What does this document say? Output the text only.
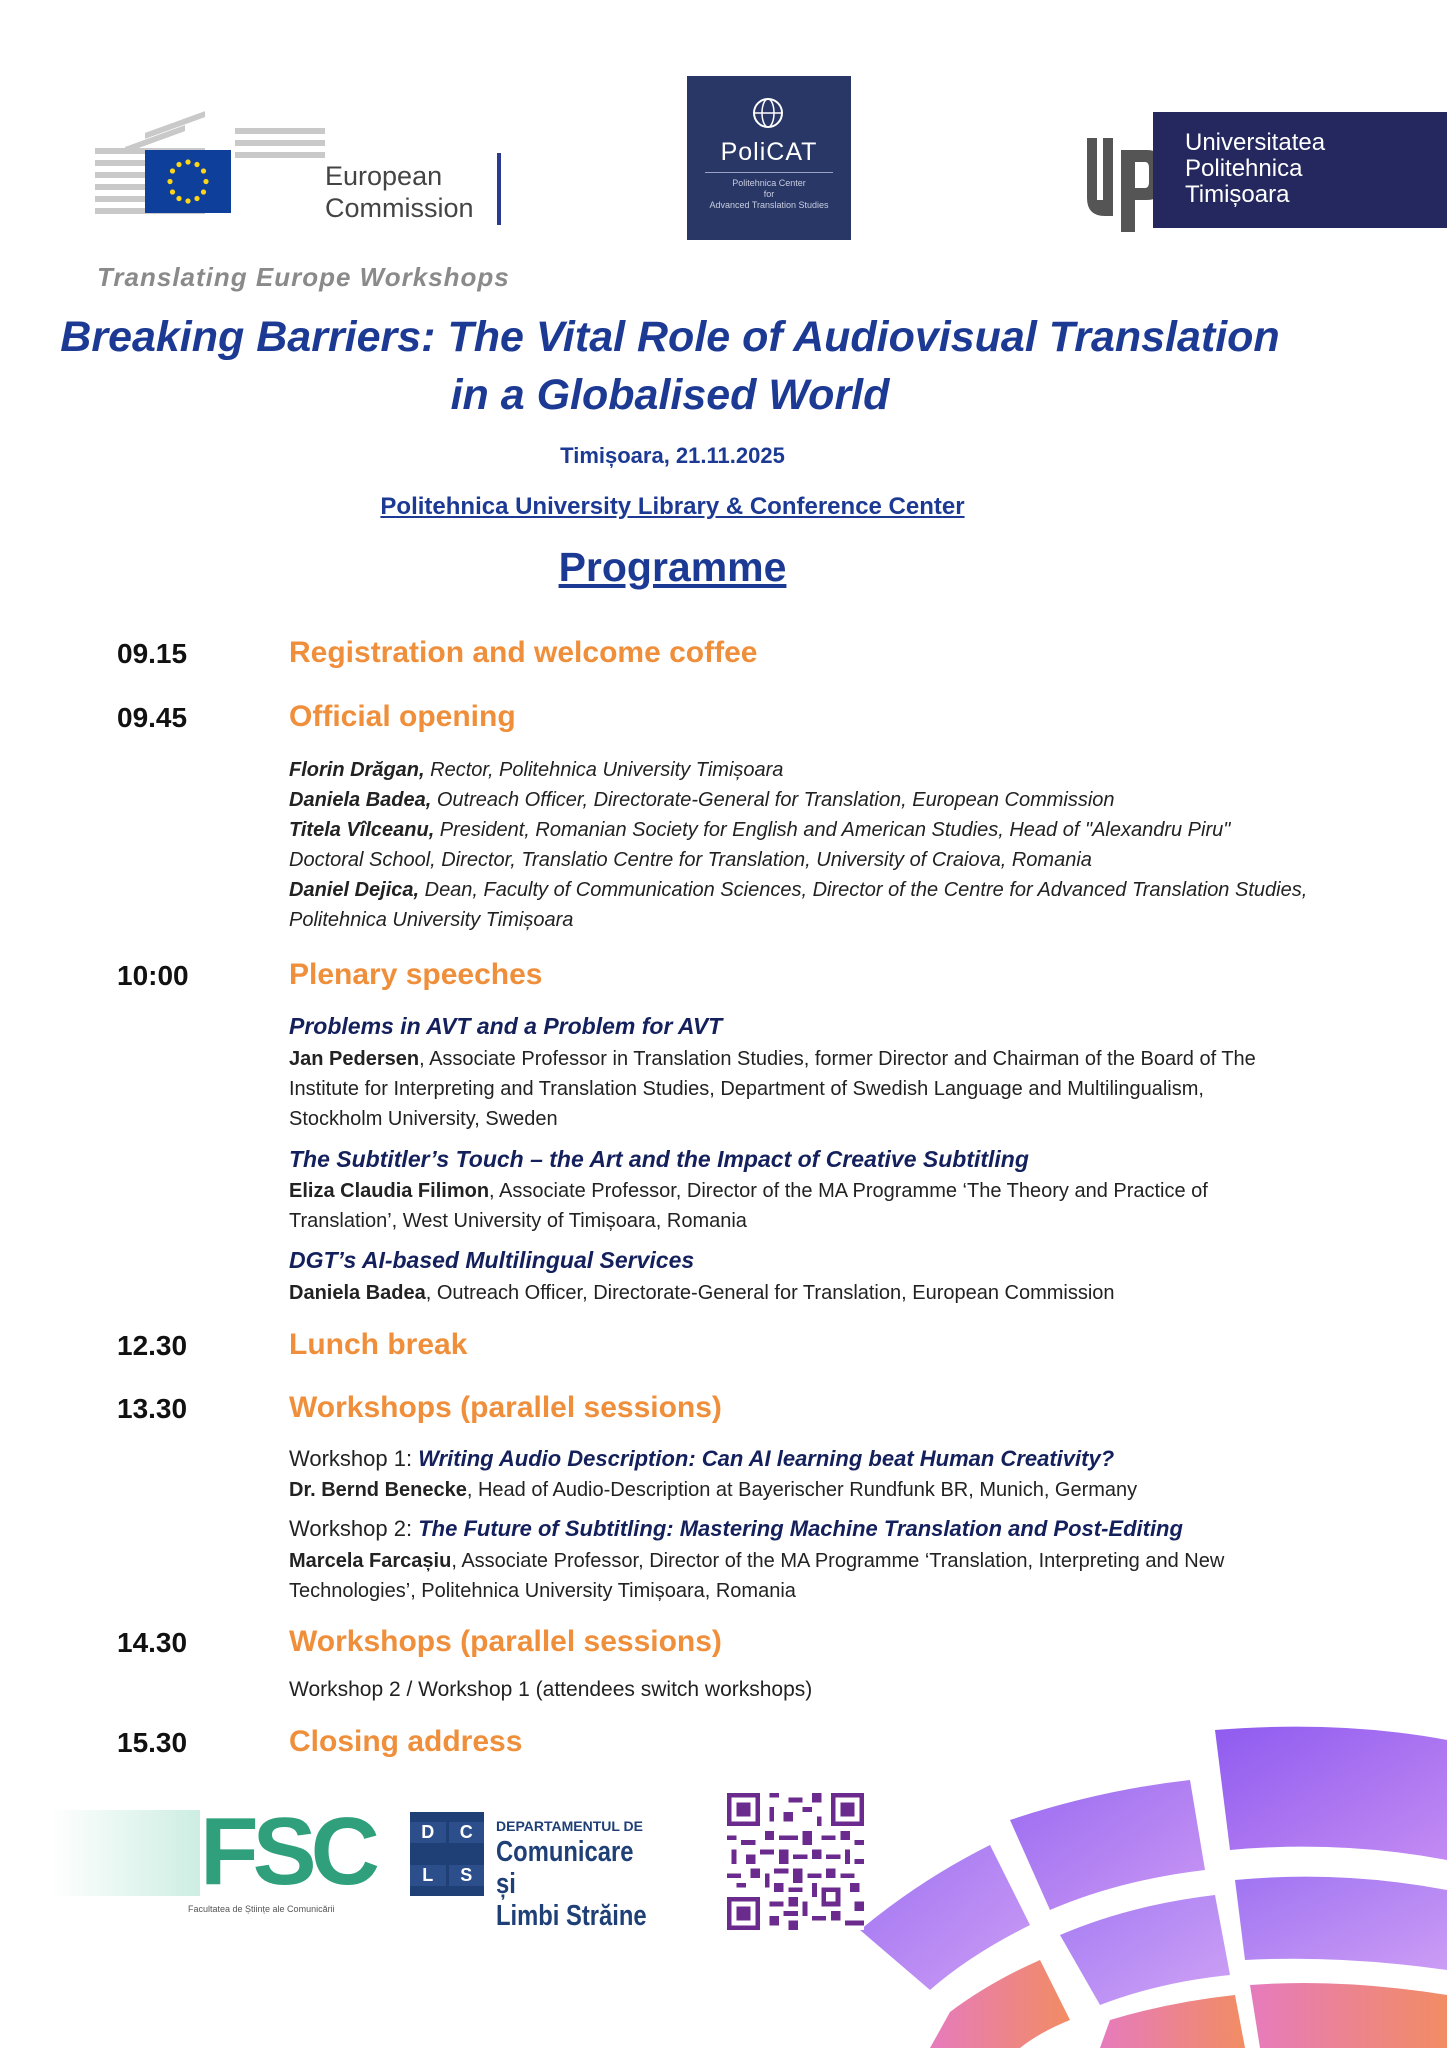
European
Commission
PoliCAT
Politehnica Center
for
Advanced Translation Studies
Universitatea
Politehnica
Timișoara
Translating Europe Workshops
Breaking Barriers: The Vital Role of Audiovisual Translation
in a Globalised World
Timișoara, 21.11.2025
Politehnica University Library & Conference Center
Programme
09.15	Registration and welcome coffee
09.45	Official opening
Florin Drăgan, Rector, Politehnica University Timișoara
Daniela Badea, Outreach Officer, Directorate-General for Translation, European Commission
Titela Vîlceanu, President, Romanian Society for English and American Studies, Head of "Alexandru Piru"
Doctoral School, Director, Translatio Centre for Translation, University of Craiova, Romania
Daniel Dejica, Dean, Faculty of Communication Sciences, Director of the Centre for Advanced Translation Studies,
Politehnica University Timișoara
10:00	Plenary speeches
Problems in AVT and a Problem for AVT
Jan Pedersen, Associate Professor in Translation Studies, former Director and Chairman of the Board of The
Institute for Interpreting and Translation Studies, Department of Swedish Language and Multilingualism,
Stockholm University, Sweden
The Subtitler’s Touch – the Art and the Impact of Creative Subtitling
Eliza Claudia Filimon, Associate Professor, Director of the MA Programme ‘The Theory and Practice of
Translation’, West University of Timișoara, Romania
DGT’s AI-based Multilingual Services
Daniela Badea, Outreach Officer, Directorate-General for Translation, European Commission
12.30	Lunch break
13.30	Workshops (parallel sessions)
Workshop 1: Writing Audio Description: Can AI learning beat Human Creativity?
Dr. Bernd Benecke, Head of Audio-Description at Bayerischer Rundfunk BR, Munich, Germany
Workshop 2: The Future of Subtitling: Mastering Machine Translation and Post-Editing
Marcela Farcașiu, Associate Professor, Director of the MA Programme ‘Translation, Interpreting and New
Technologies’, Politehnica University Timișoara, Romania
14.30	Workshops (parallel sessions)
Workshop 2 / Workshop 1 (attendees switch workshops)
15.30	Closing address
FSC
Facultatea de Științe ale Comunicării
D	C
L	S
DEPARTAMENTUL DE
Comunicare și
Limbi Străine
